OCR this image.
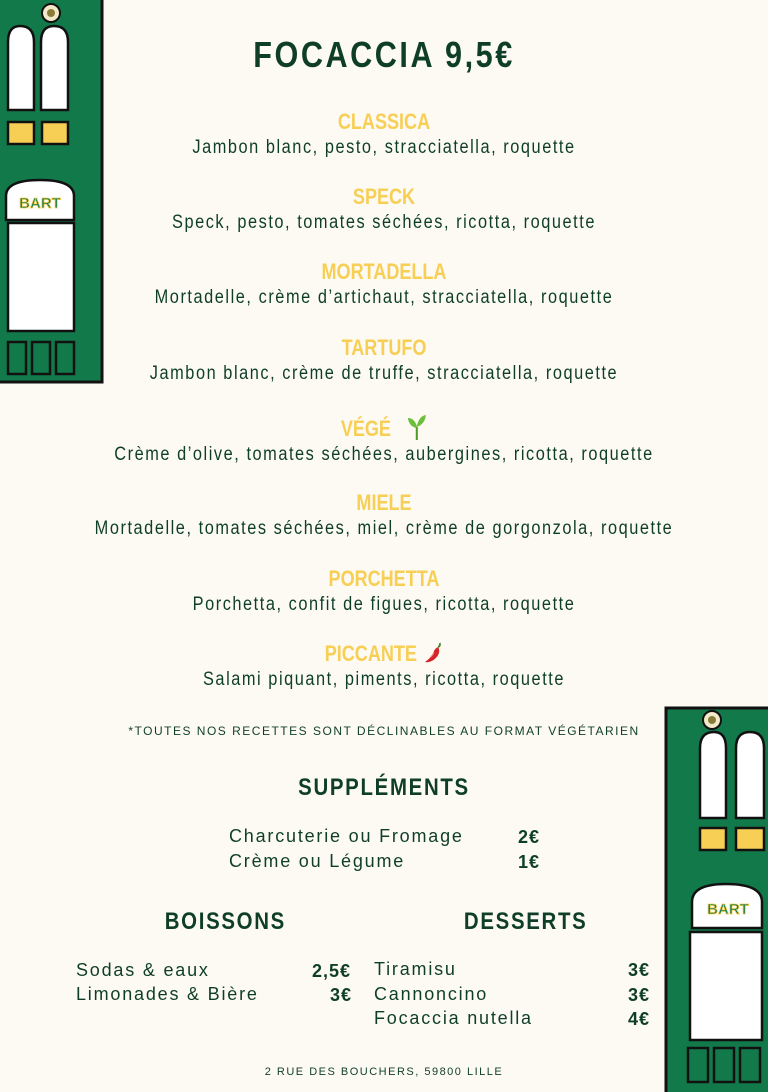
BART
BART
FOCACCIA 9,5€
CLASSICA
Jambon blanc, pesto, stracciatella, roquette
SPECK
Speck, pesto, tomates séchées, ricotta, roquette
MORTADELLA
Mortadelle, crème d’artichaut, stracciatella, roquette
TARTUFO
Jambon blanc, crème de truffe, stracciatella, roquette
VÉGÉ
Crème d’olive, tomates séchées, aubergines, ricotta, roquette
MIELE
Mortadelle, tomates séchées, miel, crème de gorgonzola, roquette
PORCHETTA
Porchetta, confit de figues, ricotta, roquette
PICCANTE
Salami piquant, piments, ricotta, roquette
*TOUTES NOS RECETTES SONT DÉCLINABLES AU FORMAT VÉGÉTARIEN
SUPPLÉMENTS
Charcuterie ou Fromage	2€
Crème ou Légume	1€
BOISSONS
Sodas & eaux	2,5€
Limonades & Bière	3€
DESSERTS
Tiramisu	3€
Cannoncino	3€
Focaccia nutella	4€
2 RUE DES BOUCHERS, 59800 LILLE
